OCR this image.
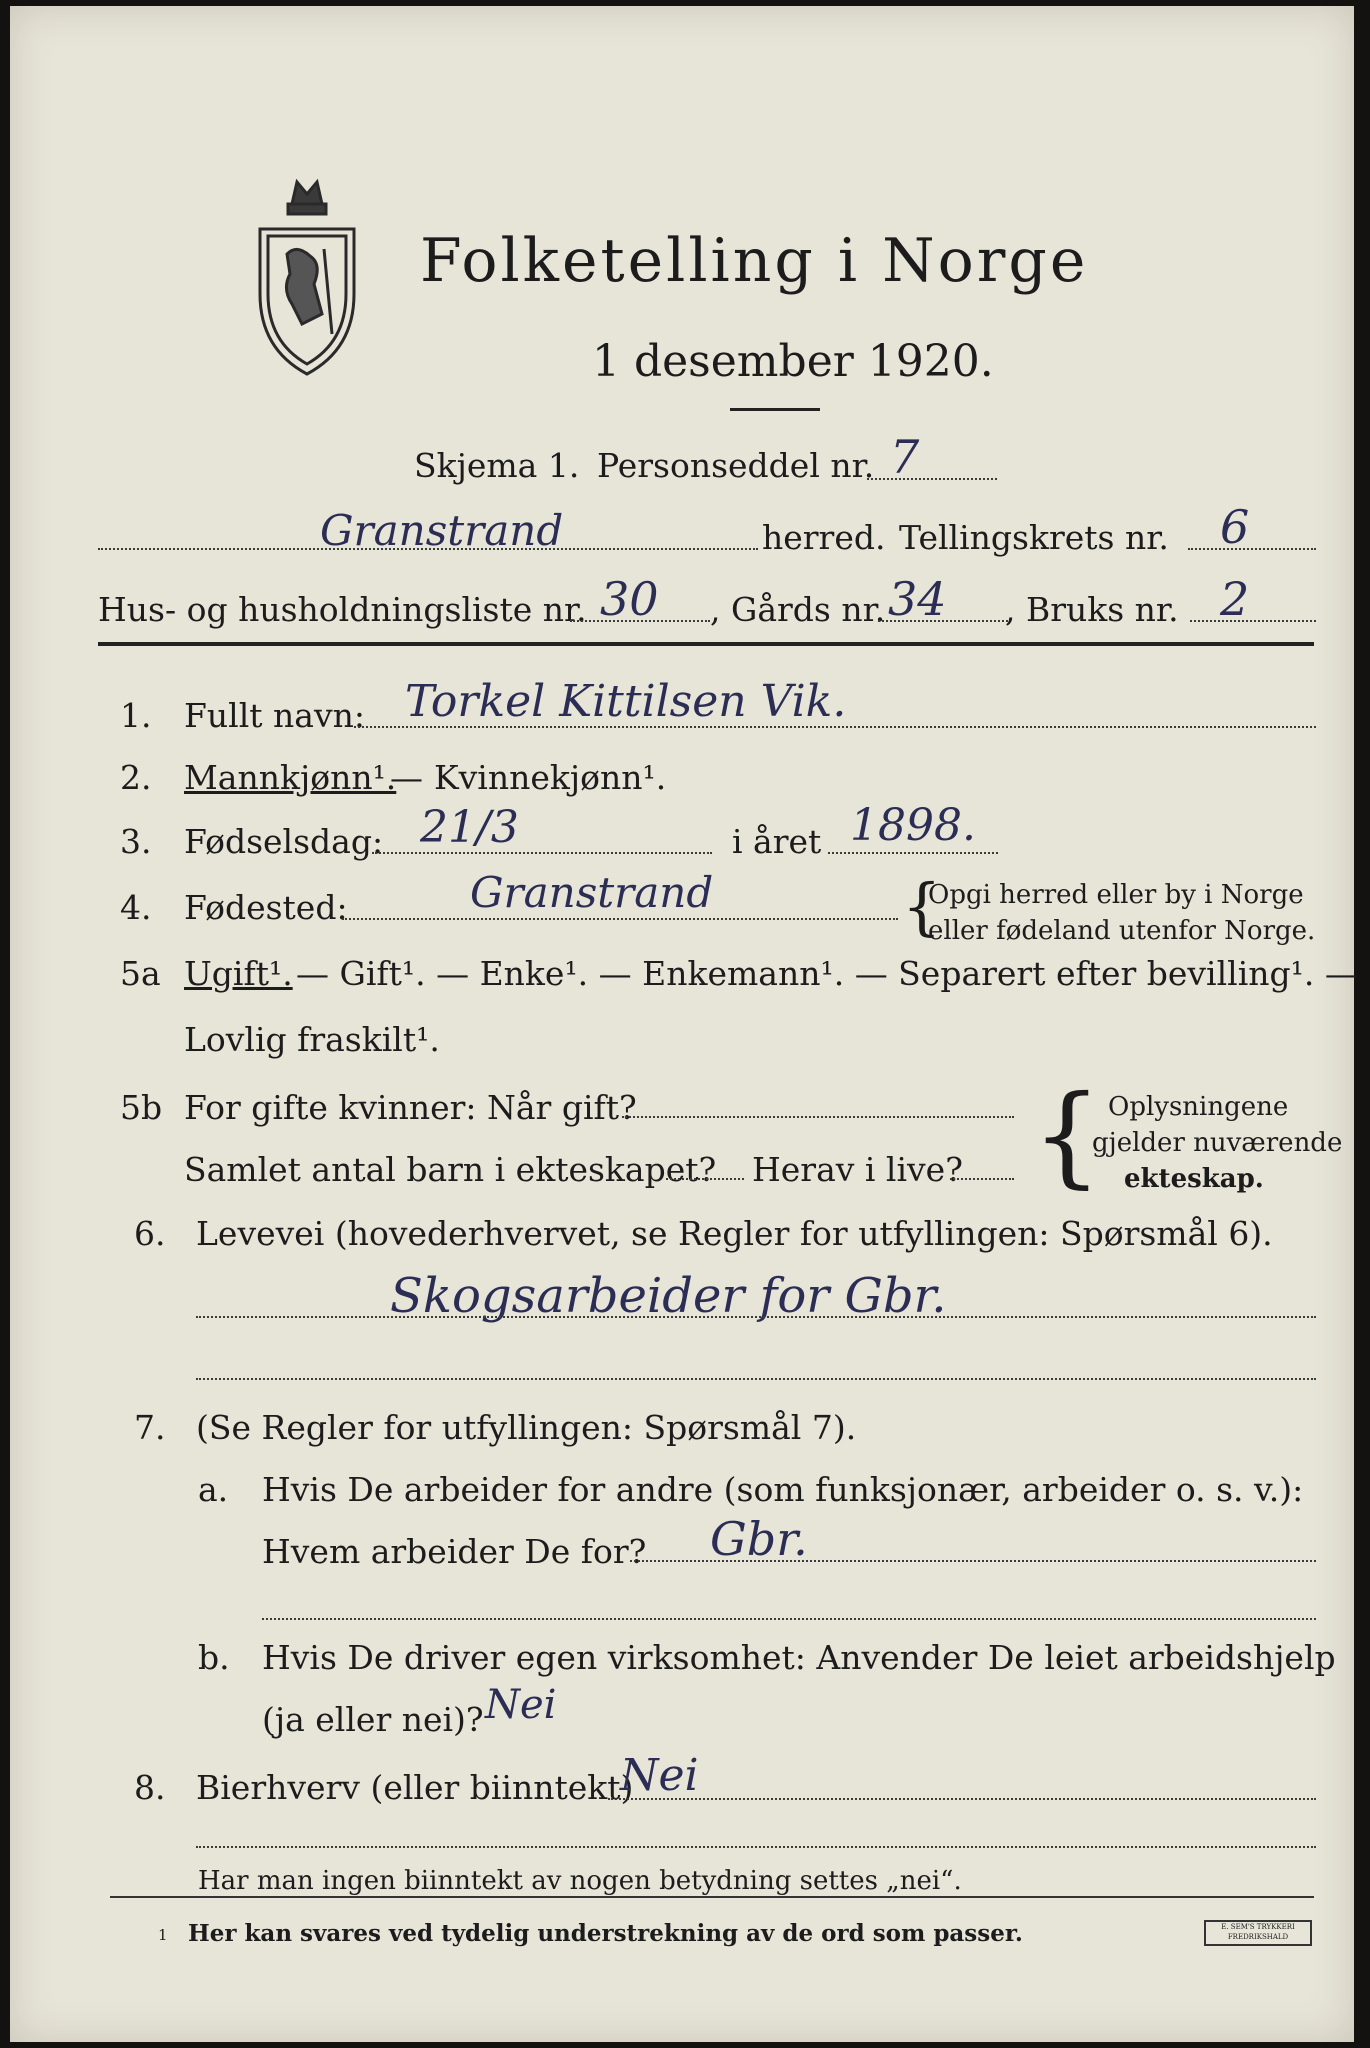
Folketelling i Norge
1 desember 1920.
Skjema 1. Personseddel nr. 7
Granstrand	herred. Tellingskrets nr. 6
Hus- og husholdningsliste nr. 30 , Gårds nr. 34 , Bruks nr. 2
1. Fullt navn: Torkel Kittilsen Vik.
2. Mannkjønn¹.
— Kvinnekjønn¹.
3. Fødselsdag: 21/3	i året 1898.
4. Fødested:	Granstrand	{
Opgi herred eller by i Norge
eller fødeland utenfor Norge.
5a Ugift¹. — Gift¹. — Enke¹. — Enkemann¹. — Separert efter bevilling¹. —
Lovlig fraskilt¹.
5b For gifte kvinner: Når gift?
Samlet antal barn i ekteskapet? Herav i live? { Oplysningene
gjelder nuværende
ekteskap.
6. Levevei (hovederhvervet, se Regler for utfyllingen: Spørsmål 6).
Skogsarbeider for Gbr.
7. (Se Regler for utfyllingen: Spørsmål 7).
a. Hvis De arbeider for andre (som funksjonær, arbeider o. s. v.):
Hvem arbeider De for? Gbr.
b. Hvis De driver egen virksomhet: Anvender De leiet arbeidshjelp
(ja eller nei)? Nei
8. Bierhverv (eller biinntekt)
Nei
Har man ingen biinntekt av nogen betydning settes „nei“.
1 Her kan svares ved tydelig understrekning av de ord som passer.	E. SEM'S TRYKKERI FREDRIKSHALD
